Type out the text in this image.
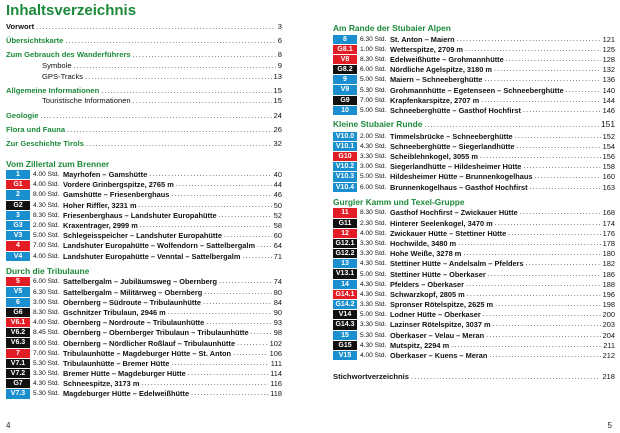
Inhaltsverzeichnis
Vorwort .....	3
Übersichtskarte .....	6
Zum Gebrauch des Wanderführers .....	8
Symbole .....	9
GPS-Tracks .....	13
Allgemeine Informationen .....	15
Touristische Informationen .....	15
Geologie .....	24
Flora und Fauna .....	26
Zur Geschichte Tirols .....	32
Vom Zillertal zum Brenner
1	4.00 Std. Mayrhofen – Gamshütte .....	40
G1	4.00 Std. Vordere Grinbergspitze, 2765 m .....	44
2	8.00 Std. Gamshütte – Friesenberghaus .....	46
G2	4.30 Std. Hoher Riffler, 3231 m .....	50
3	8.30 Std. Friesenberghaus – Landshuter Europahütte .....	52
G3	2.00 Std. Kraxentrager, 2999 m .....	58
V3	5.00 Std. Schlegeisspeicher – Landshuter Europahütte .....	60
4	7.00 Std. Landshuter Europahütte – Wolfendorn – Sattelbergalm .....	64
V4	4.00 Std. Landshuter Europahütte – Venntal – Sattelbergalm .....	71
Durch die Tribulaune
5	6.00 Std. Sattelbergalm – Jubiläumsweg – Obernberg .....	74
V5	6.30 Std. Sattelbergalm – Militärweg – Obernberg .....	80
6	3.00 Std. Obernberg – Südroute – Tribulaunhütte .....	84
G6	8.30 Std. Gschnitzer Tribulaun, 2946 m .....	90
V6.1	4.00 Std. Obernberg – Nordroute – Tribulaunhütte .....	93
V6.2	8.45 Std. Obernberg – Obernberger Tribulaun – Tribulaunhütte .....	98
V6.3	8.00 Std. Obernberg – Nördlicher Roßlauf – Tribulaunhütte .....	102
7	7.00 Std. Tribulaunhütte – Magdeburger Hütte – St. Anton .....	106
V7.1	5.30 Std. Tribulaunhütte – Bremer Hütte .....	111
V7.2	3.30 Std. Bremer Hütte – Magdeburger Hütte .....	114
G7	4.30 Std. Schneespitze, 3173 m .....	116
V7.3	5.30 Std. Magdeburger Hütte – Edelweißhütte .....	118
Am Rande der Stubaier Alpen
8	6.30 Std. St. Anton – Maiern .....	121
G8.1	1.00 Std. Wetterspitze, 2709 m .....	125
V8	8.30 Std. Edelweißhütte – Grohmannhütte .....	128
G8.2	6.00 Std. Nördliche Agelspitze, 3180 m .....	132
9	5.00 Std. Maiern – Schneeberghütte .....	136
V9	5.30 Std. Grohmannhütte – Egetenseen – Schneeberghütte .....	140
G9	7.00 Std. Krapfenkarspitze, 2707 m .....	144
10	5.00 Std. Schneeberghütte – Gasthof Hochfirst .....	146
Kleine Stubaier Runde .....	151
V10.0 2.00 Std. Timmelsbrücke – Schneeberghütte .....	152
V10.1 4.30 Std. Schneeberghütte – Siegerlandhütte .....	154
G10	3.30 Std. Scheiblehnkogel, 3055 m .....	156
V10.2 3.00 Std. Siegerlandhütte – Hildesheimer Hütte .....	158
V10.3 5.00 Std. Hildesheimer Hütte – Brunnenkogelhaus .....	160
V10.4 6.00 Std. Brunnenkogelhaus – Gasthof Hochfirst .....	163
Gurgler Kamm und Texel-Gruppe
11	8.30 Std. Gasthof Hochfirst – Zwickauer Hütte .....	168
G11	2.30 Std. Hinterer Seelenkogel, 3470 m .....	174
12	4.00 Std. Zwickauer Hütte – Stettiner Hütte .....	176
G12.1 3.30 Std. Hochwilde, 3480 m .....	178
G12.2 3.30 Std. Hohe Weiße, 3278 m .....	180
13	4.30 Std. Stettiner Hütte – Andelsalm – Pfelders .....	182
V13.1 5.00 Std. Stettiner Hütte – Oberkaser .....	186
14	4.30 Std. Pfelders – Oberkaser .....	188
G14.1 4.30 Std. Schwarzkopf, 2805 m .....	196
G14.2 3.30 Std. Spronser Rötelspitze, 2625 m .....	198
V14	5.00 Std. Lodner Hütte – Oberkaser .....	200
G14.3 3.30 Std. Lazinser Rötelspitze, 3037 m .....	203
15	5.30 Std. Oberkaser – Velau – Meran .....	204
G15	4.30 Std. Mutspitz, 2294 m .....	211
V15	4.00 Std. Oberkaser – Kuens – Meran .....	212
Stichwortverzeichnis .....	218
4	5
